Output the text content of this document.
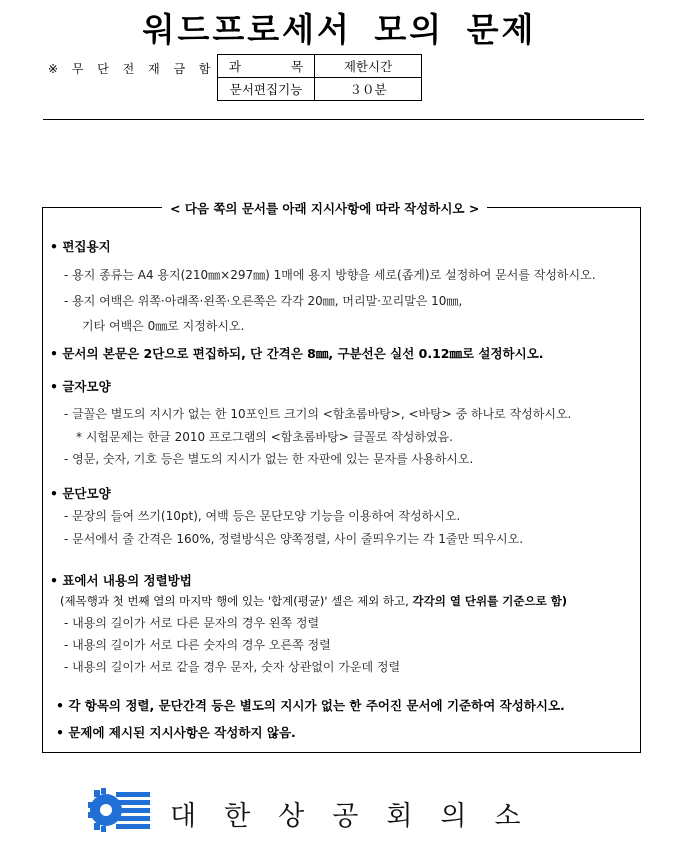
워드프로세서 모의 문제
※ 무 단 전 재 금 함 과　　　　목	제한시간
문서편집기능	３０분
< 다음 쪽의 문서를 아래 지시사항에 따라 작성하시오 >
• 편집용지
- 용지 종류는 A4 용지(210㎜×297㎜) 1매에 용지 방향을 세로(좁게)로 설정하여 문서를 작성하시오.
- 용지 여백은 위쪽·아래쪽·왼쪽·오른쪽은 각각 20㎜, 머리말·꼬리말은 10㎜,
기타 여백은 0㎜로 지정하시오.
• 문서의 본문은 2단으로 편집하되, 단 간격은 8㎜, 구분선은 실선 0.12㎜로 설정하시오.
• 글자모양
- 글꼴은 별도의 지시가 없는 한 10포인트 크기의 <함초롬바탕>, <바탕> 중 하나로 작성하시오.
* 시험문제는 한글 2010 프로그램의 <함초롬바탕> 글꼴로 작성하였음.
- 영문, 숫자, 기호 등은 별도의 지시가 없는 한 자판에 있는 문자를 사용하시오.
• 문단모양
- 문장의 들여 쓰기(10pt), 여백 등은 문단모양 기능을 이용하여 작성하시오.
- 문서에서 줄 간격은 160%, 정렬방식은 양쪽정렬, 사이 줄띄우기는 각 1줄만 띄우시오.
• 표에서 내용의 정렬방법
(제목행과 첫 번째 열의 마지막 행에 있는 '합계(평균)' 셀은 제외 하고, 각각의 열 단위를 기준으로 함)
- 내용의 길이가 서로 다른 문자의 경우 왼쪽 정렬
- 내용의 길이가 서로 다른 숫자의 경우 오른쪽 정렬
- 내용의 길이가 서로 같을 경우 문자, 숫자 상관없이 가운데 정렬
• 각 항목의 정렬, 문단간격 등은 별도의 지시가 없는 한 주어진 문서에 기준하여 작성하시오.
• 문제에 제시된 지시사항은 작성하지 않음.
대한상공회의소
